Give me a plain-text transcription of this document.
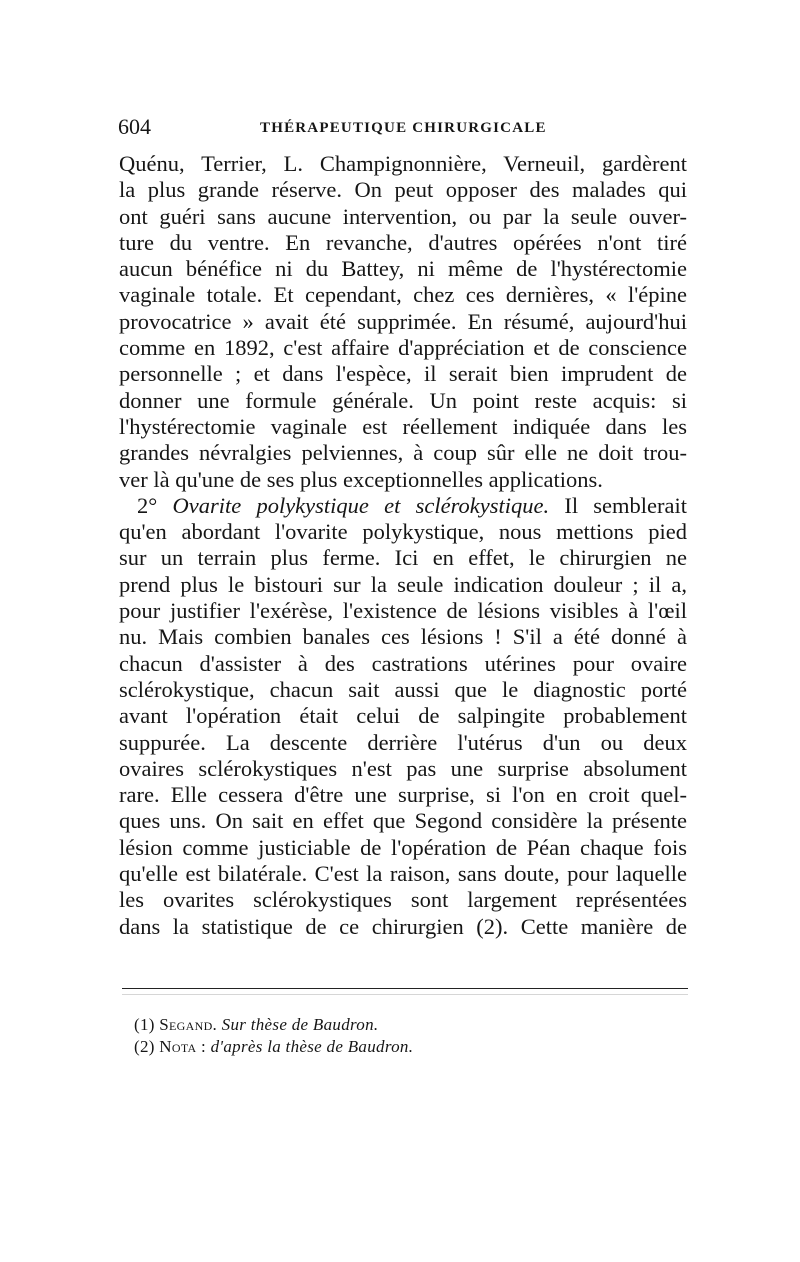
604	THÉRAPEUTIQUE CHIRURGICALE
Quénu, Terrier, L. Champignonnière, Verneuil, gardèrent
la plus grande réserve. On peut opposer des malades qui
ont guéri sans aucune intervention, ou par la seule ouver-
ture du ventre. En revanche, d'autres opérées n'ont tiré
aucun bénéfice ni du Battey, ni même de l'hystérectomie
vaginale totale. Et cependant, chez ces dernières, « l'épine
provocatrice » avait été supprimée. En résumé, aujourd'hui
comme en 1892, c'est affaire d'appréciation et de conscience
personnelle ; et dans l'espèce, il serait bien imprudent de
donner une formule générale. Un point reste acquis: si
l'hystérectomie vaginale est réellement indiquée dans les
grandes névralgies pelviennes, à coup sûr elle ne doit trou-
ver là qu'une de ses plus exceptionnelles applications.
2° Ovarite polykystique et sclérokystique. Il semblerait
qu'en abordant l'ovarite polykystique, nous mettions pied
sur un terrain plus ferme. Ici en effet, le chirurgien ne
prend plus le bistouri sur la seule indication douleur ; il a,
pour justifier l'exérèse, l'existence de lésions visibles à l'œil
nu. Mais combien banales ces lésions ! S'il a été donné à
chacun d'assister à des castrations utérines pour ovaire
sclérokystique, chacun sait aussi que le diagnostic porté
avant l'opération était celui de salpingite probablement
suppurée. La descente derrière l'utérus d'un ou deux
ovaires sclérokystiques n'est pas une surprise absolument
rare. Elle cessera d'être une surprise, si l'on en croit quel-
ques uns. On sait en effet que Segond considère la présente
lésion comme justiciable de l'opération de Péan chaque fois
qu'elle est bilatérale. C'est la raison, sans doute, pour laquelle
les ovarites sclérokystiques sont largement représentées
dans la statistique de ce chirurgien (2). Cette manière de
(1) Segand. Sur thèse de Baudron.
(2) Nota : d'après la thèse de Baudron.
